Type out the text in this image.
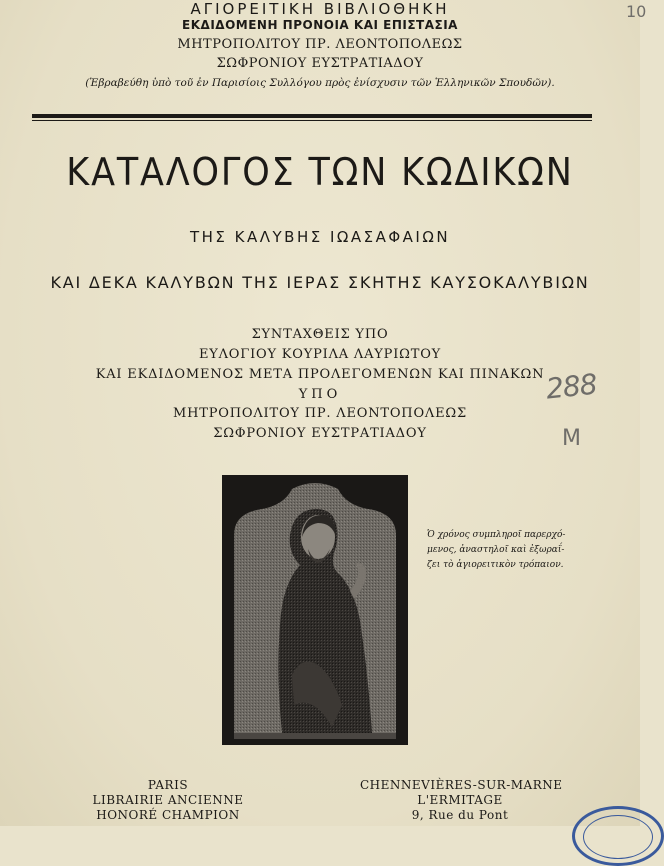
ΑΓΙΟΡΕΙΤΙΚΗ ΒΙΒΛΙΟΘΗΚΗ
ΕΚΔΙΔΟΜΕΝΗ ΠΡΟΝΟΙΑ ΚΑΙ ΕΠΙΣΤΑΣΙΑ
ΜΗΤΡΟΠΟΛΙΤΟΥ ΠΡ. ΛΕΟΝΤΟΠΟΛΕΩΣ
ΣΩΦΡΟΝΙΟΥ ΕΥΣΤΡΑΤΙΑΔΟΥ
(Ἐβραβεύθη ὑπὸ τοῦ ἐν Παρισίοις Συλλόγου πρὸς ἐνίσχυσιν τῶν Ἑλληνικῶν Σπουδῶν).
ΚΑΤΑΛΟΓΟΣ ΤΩΝ ΚΩΔΙΚΩΝ
ΤΗΣ ΚΑΛΥΒΗΣ ΙΩΑΣΑΦΑΙΩΝ
ΚΑΙ ΔΕΚΑ ΚΑΛΥΒΩΝ ΤΗΣ ΙΕΡΑΣ ΣΚΗΤΗΣ ΚΑΥΣΟΚΑΛΥΒΙΩΝ
ΣΥΝΤΑΧΘΕΙΣ ΥΠΟ
ΕΥΛΟΓΙΟΥ ΚΟΥΡΙΛΑ ΛΑΥΡΙΩΤΟΥ
ΚΑΙ ΕΚΔΙΔΟΜΕΝΟΣ ΜΕΤΑ ΠΡΟΛΕΓΟΜΕΝΩΝ ΚΑΙ ΠΙΝΑΚΩΝ
ΥΠΟ
ΜΗΤΡΟΠΟΛΙΤΟΥ ΠΡ. ΛΕΟΝΤΟΠΟΛΕΩΣ
ΣΩΦΡΟΝΙΟΥ ΕΥΣΤΡΑΤΙΑΔΟΥ
288
M
10
Ὁ χρόνος συμπληροῖ παρερχό-
μενος, ἀναστηλοῖ καὶ ἐξωραΐ-
ζει τὸ ἁγιορειτικὸν τρόπαιον.
PARIS
LIBRAIRIE ANCIENNE
HONORÉ CHAMPION
CHENNEVIÈRES-SUR-MARNE
L'ERMITAGE
9, Rue du Pont
